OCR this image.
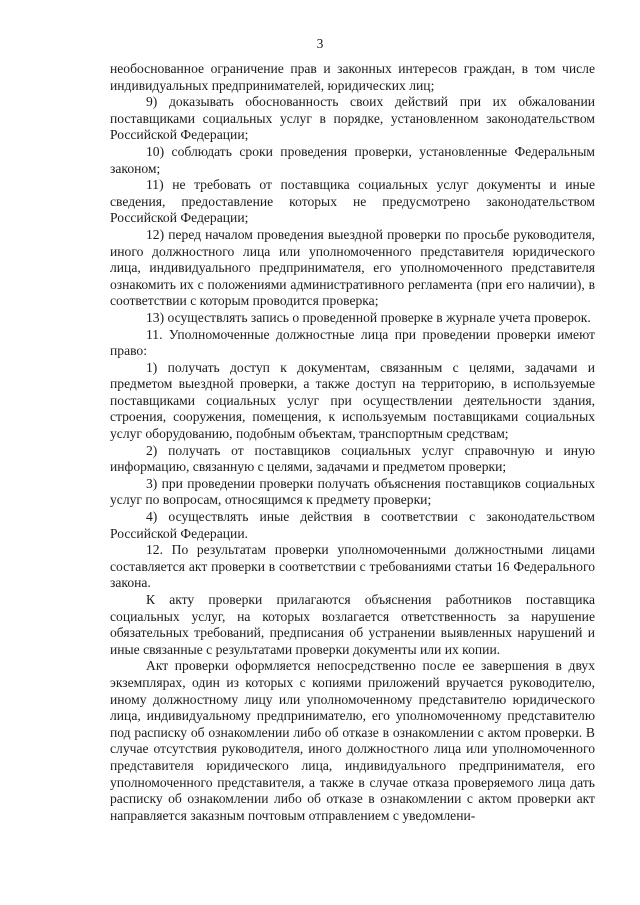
3

необоснованное ограничение прав и законных интересов граждан, в том числе индивидуальных предпринимателей, юридических лиц;

9) доказывать обоснованность своих действий при их обжаловании поставщиками социальных услуг в порядке, установленном законодательством Российской Федерации;

10) соблюдать сроки проведения проверки, установленные Федеральным законом;

11) не требовать от поставщика социальных услуг документы и иные сведения, предоставление которых не предусмотрено законодательством Российской Федерации;

12) перед началом проведения выездной проверки по просьбе руководителя, иного должностного лица или уполномоченного представителя юридического лица, индивидуального предпринимателя, его уполномоченного представителя ознакомить их с положениями административного регламента (при его наличии), в соответствии с которым проводится проверка;

13) осуществлять запись о проведенной проверке в журнале учета проверок.

11. Уполномоченные должностные лица при проведении проверки имеют право:

1) получать доступ к документам, связанным с целями, задачами и предметом выездной проверки, а также доступ на территорию, в используемые поставщиками социальных услуг при осуществлении деятельности здания, строения, сооружения, помещения, к используемым поставщиками социальных услуг оборудованию, подобным объектам, транспортным средствам;

2) получать от поставщиков социальных услуг справочную и иную информацию, связанную с целями, задачами и предметом проверки;

3) при проведении проверки получать объяснения поставщиков социальных услуг по вопросам, относящимся к предмету проверки;

4) осуществлять иные действия в соответствии с законодательством Российской Федерации.

12. По результатам проверки уполномоченными должностными лицами составляется акт проверки в соответствии с требованиями статьи 16 Федерального закона.

К акту проверки прилагаются объяснения работников поставщика социальных услуг, на которых возлагается ответственность за нарушение обязательных требований, предписания об устранении выявленных нарушений и иные связанные с результатами проверки документы или их копии.

Акт проверки оформляется непосредственно после ее завершения в двух экземплярах, один из которых с копиями приложений вручается руководителю, иному должностному лицу или уполномоченному представителю юридического лица, индивидуальному предпринимателю, его уполномоченному представителю под расписку об ознакомлении либо об отказе в ознакомлении с актом проверки. В случае отсутствия руководителя, иного должностного лица или уполномоченного представителя юридического лица, индивидуального предпринимателя, его уполномоченного представителя, а также в случае отказа проверяемого лица дать расписку об ознакомлении либо об отказе в ознакомлении с актом проверки акт направляется заказным почтовым отправлением с уведомлени-
